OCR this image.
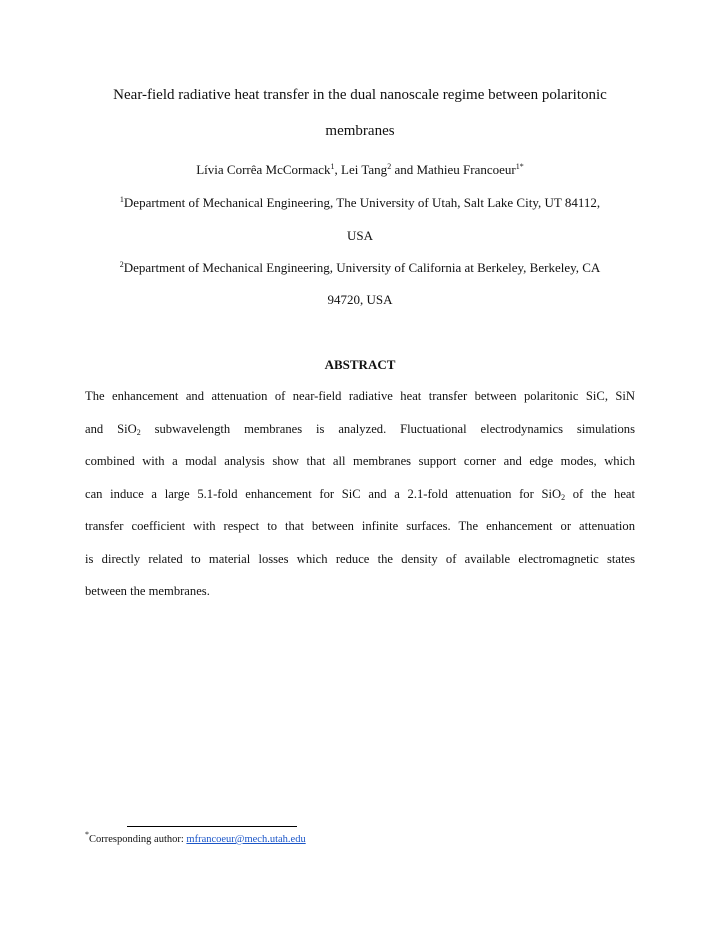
Near-field radiative heat transfer in the dual nanoscale regime between polaritonic
membranes
Lívia Corrêa McCormack$^1$, Lei Tang$^2$ and Mathieu Francoeur$^{1*}$
$^1$Department of Mechanical Engineering, The University of Utah, Salt Lake City, UT 84112,
USA
$^2$Department of Mechanical Engineering, University of California at Berkeley, Berkeley, CA
94720, USA
ABSTRACT
The enhancement and attenuation of near-field radiative heat transfer between polaritonic SiC, SiN
and SiO$_2$ subwavelength membranes is analyzed. Fluctuational electrodynamics simulations
combined with a modal analysis show that all membranes support corner and edge modes, which
can induce a large 5.1-fold enhancement for SiC and a 2.1-fold attenuation for SiO$_2$ of the heat
transfer coefficient with respect to that between infinite surfaces. The enhancement or attenuation
is directly related to material losses which reduce the density of available electromagnetic states
between the membranes.
*Corresponding author: mfrancoeur@mech.utah.edu
